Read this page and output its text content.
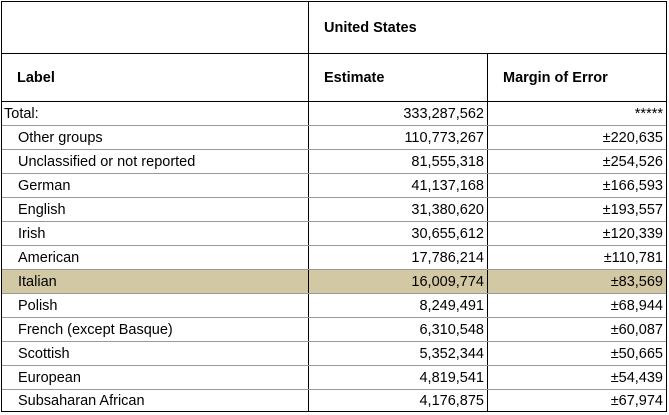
United States
Label	Estimate	Margin of Error
Total:	333,287,562	*****
Other groups	110,773,267	±220,635
Unclassified or not reported	81,555,318	±254,526
German	41,137,168	±166,593
English	31,380,620	±193,557
Irish	30,655,612	±120,339
American	17,786,214	±110,781
Italian	16,009,774	±83,569
Polish	8,249,491	±68,944
French (except Basque)	6,310,548	±60,087
Scottish	5,352,344	±50,665
European	4,819,541	±54,439
Subsaharan African	4,176,875	±67,974
